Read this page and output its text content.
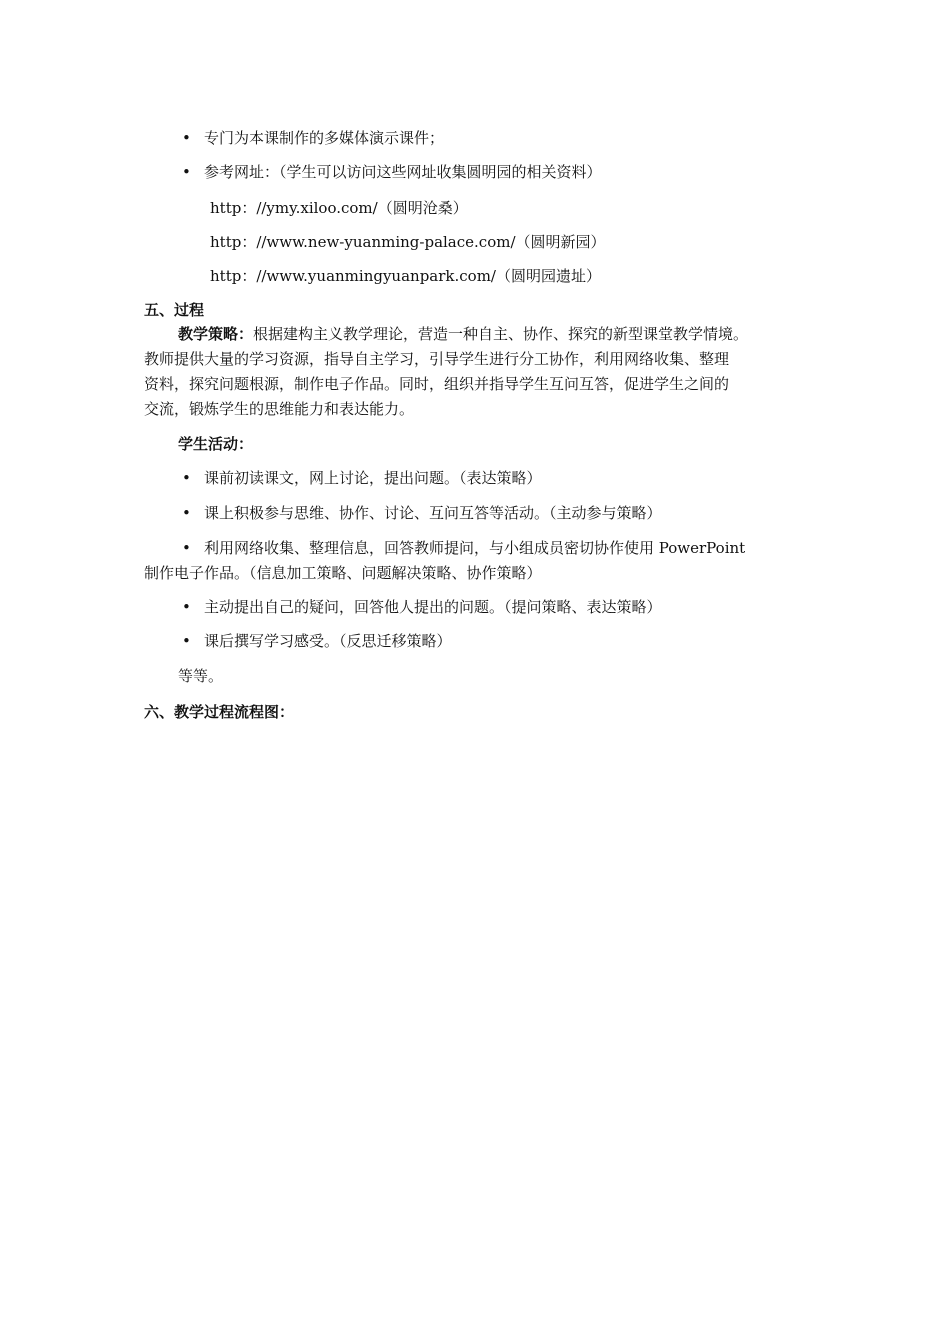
• 专门为本课制作的多媒体演示课件；
• 参考网址：（学生可以访问这些网址收集圆明园的相关资料）
http：//ymy.xiloo.com/（圆明沧桑）
http：//www.new-yuanming-palace.com/（圆明新园）
http：//www.yuanmingyuanpark.com/（圆明园遗址）
五、过程

教学策略：根据建构主义教学理论，营造一种自主、协作、探究的新型课堂教学情境。

教师提供大量的学习资源，指导自主学习，引导学生进行分工协作，利用网络收集、整理

资料，探究问题根源，制作电子作品。同时，组织并指导学生互问互答，促进学生之间的

交流，锻炼学生的思维能力和表达能力。

学生活动：
• 课前初读课文，网上讨论，提出问题。（表达策略）
• 课上积极参与思维、协作、讨论、互问互答等活动。（主动参与策略）
• 利用网络收集、整理信息，回答教师提问，与小组成员密切协作使用 PowerPoint
制作电子作品。（信息加工策略、问题解决策略、协作策略）
• 主动提出自己的疑问，回答他人提出的问题。（提问策略、表达策略）
• 课后撰写学习感受。（反思迁移策略）
等等。
六、教学过程流程图：
